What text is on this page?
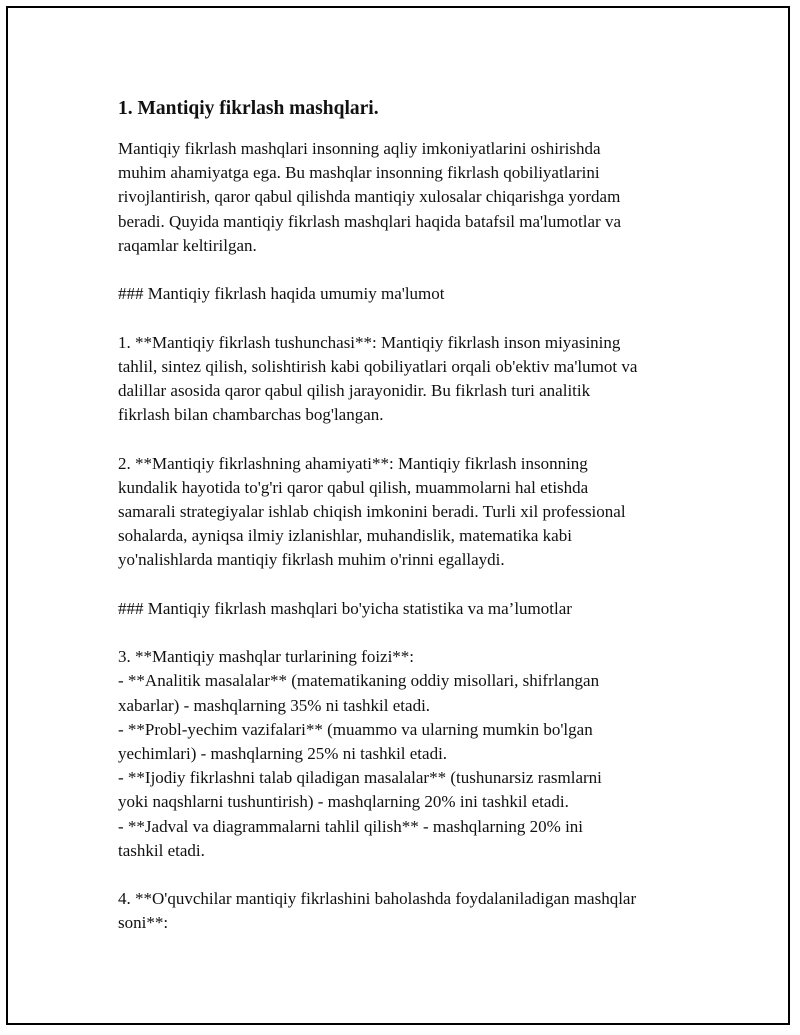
1. Mantiqiy fikrlash mashqlari.

Mantiqiy fikrlash mashqlari insonning aqliy imkoniyatlarini oshirishda
muhim ahamiyatga ega. Bu mashqlar insonning fikrlash qobiliyatlarini
rivojlantirish, qaror qabul qilishda mantiqiy xulosalar chiqarishga yordam
beradi. Quyida mantiqiy fikrlash mashqlari haqida batafsil ma'lumotlar va
raqamlar keltirilgan.

### Mantiqiy fikrlash haqida umumiy ma'lumot

1. **Mantiqiy fikrlash tushunchasi**: Mantiqiy fikrlash inson miyasining
tahlil, sintez qilish, solishtirish kabi qobiliyatlari orqali ob'ektiv ma'lumot va
dalillar asosida qaror qabul qilish jarayonidir. Bu fikrlash turi analitik
fikrlash bilan chambarchas bog'langan.

2. **Mantiqiy fikrlashning ahamiyati**: Mantiqiy fikrlash insonning
kundalik hayotida to'g'ri qaror qabul qilish, muammolarni hal etishda
samarali strategiyalar ishlab chiqish imkonini beradi. Turli xil professional
sohalarda, ayniqsa ilmiy izlanishlar, muhandislik, matematika kabi
yo'nalishlarda mantiqiy fikrlash muhim o'rinni egallaydi.

### Mantiqiy fikrlash mashqlari bo'yicha statistika va ma’lumotlar

3. **Mantiqiy mashqlar turlarining foizi**:

- **Analitik masalalar** (matematikaning oddiy misollari, shifrlangan
xabarlar) - mashqlarning 35% ni tashkil etadi.

- **Probl-yechim vazifalari** (muammo va ularning mumkin bo'lgan
yechimlari) - mashqlarning 25% ni tashkil etadi.

- **Ijodiy fikrlashni talab qiladigan masalalar** (tushunarsiz rasmlarni
yoki naqshlarni tushuntirish) - mashqlarning 20% ini tashkil etadi.

- **Jadval va diagrammalarni tahlil qilish** - mashqlarning 20% ini
tashkil etadi.

4. **O'quvchilar mantiqiy fikrlashini baholashda foydalaniladigan mashqlar
soni**:
